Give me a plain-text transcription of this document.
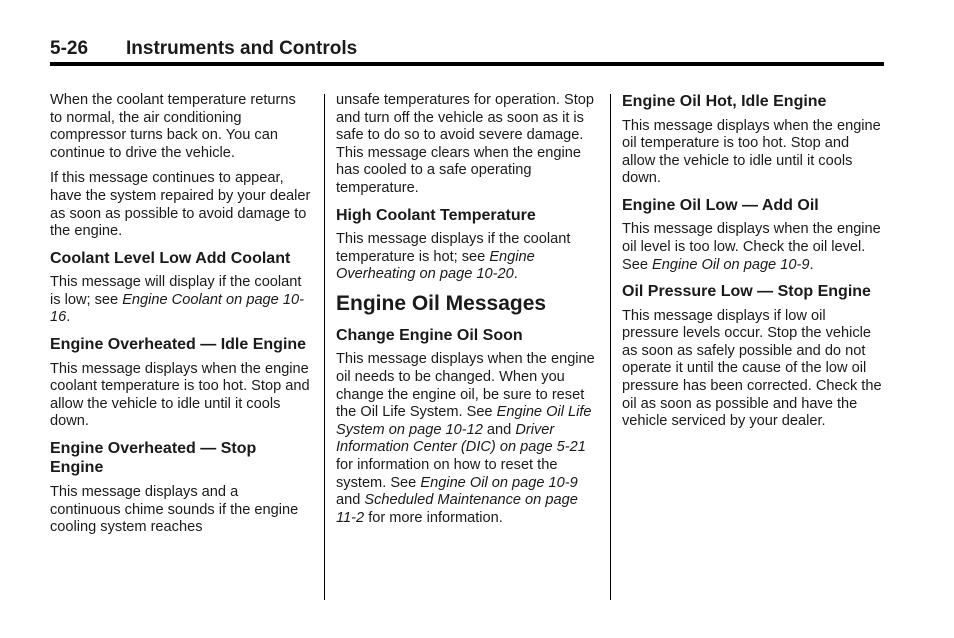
5-26 Instruments and Controls

When the coolant temperature returns to normal, the air conditioning compressor turns back on. You can continue to drive the vehicle.

If this message continues to appear, have the system repaired by your dealer as soon as possible to avoid damage to the engine.

Coolant Level Low Add Coolant

This message will display if the coolant is low; see Engine Coolant on page 10-16.

Engine Overheated — Idle Engine

This message displays when the engine coolant temperature is too hot. Stop and allow the vehicle to idle until it cools down.

Engine Overheated — Stop Engine

This message displays and a continuous chime sounds if the engine cooling system reaches

unsafe temperatures for operation. Stop and turn off the vehicle as soon as it is safe to do so to avoid severe damage. This message clears when the engine has cooled to a safe operating temperature.

High Coolant Temperature

This message displays if the coolant temperature is hot; see Engine Overheating on page 10-20.

Engine Oil Messages
Change Engine Oil Soon

This message displays when the engine oil needs to be changed. When you change the engine oil, be sure to reset the Oil Life System. See Engine Oil Life System on page 10-12 and Driver Information Center (DIC) on page 5-21 for information on how to reset the system. See Engine Oil on page 10-9 and Scheduled Maintenance on page 11-2 for more information.

Engine Oil Hot, Idle Engine

This message displays when the engine oil temperature is too hot. Stop and allow the vehicle to idle until it cools down.

Engine Oil Low — Add Oil

This message displays when the engine oil level is too low. Check the oil level. See Engine Oil on page 10-9.

Oil Pressure Low — Stop Engine

This message displays if low oil pressure levels occur. Stop the vehicle as soon as safely possible and do not operate it until the cause of the low oil pressure has been corrected. Check the oil as soon as possible and have the vehicle serviced by your dealer.
